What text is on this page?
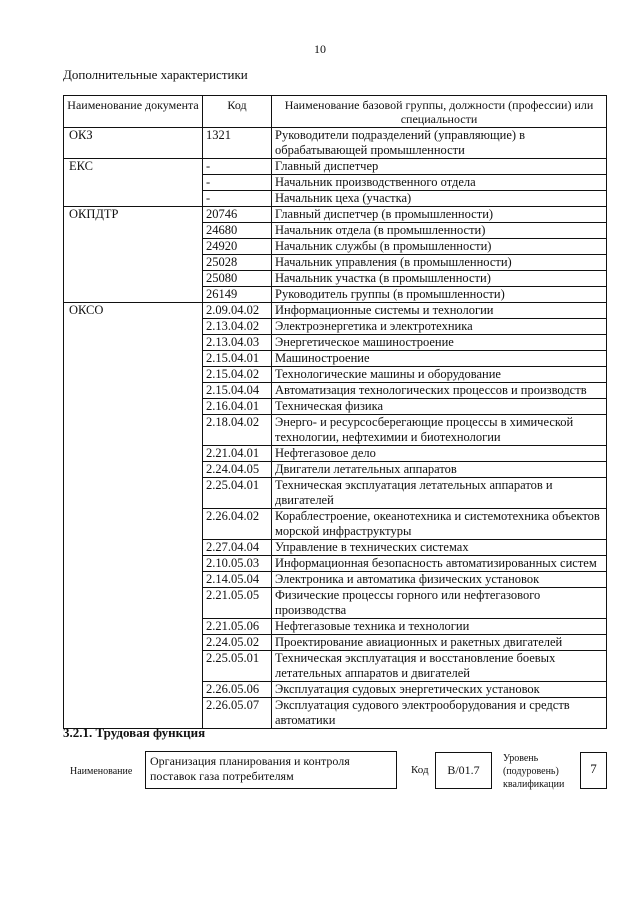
10
Дополнительные характеристики
Наименование документа	Код	Наименование базовой группы, должности (профессии) или специальности
ОКЗ	1321	Руководители подразделений (управляющие) в обрабатывающей промышленности
ЕКС	-	Главный диспетчер
	-	Начальник производственного отдела
	-	Начальник цеха (участка)
ОКПДТР	20746	Главный диспетчер (в промышленности)
	24680	Начальник отдела (в промышленности)
	24920	Начальник службы (в промышленности)
	25028	Начальник управления (в промышленности)
	25080	Начальник участка (в промышленности)
	26149	Руководитель группы (в промышленности)
ОКСО	2.09.04.02	Информационные системы и технологии
	2.13.04.02	Электроэнергетика и электротехника
	2.13.04.03	Энергетическое машиностроение
	2.15.04.01	Машиностроение
	2.15.04.02	Технологические машины и оборудование
	2.15.04.04	Автоматизация технологических процессов и производств
	2.16.04.01	Техническая физика
	2.18.04.02	Энерго- и ресурсосберегающие процессы в химической технологии, нефтехимии и биотехнологии
	2.21.04.01	Нефтегазовое дело
	2.24.04.05	Двигатели летательных аппаратов
	2.25.04.01	Техническая эксплуатация летательных аппаратов и двигателей
	2.26.04.02	Кораблестроение, океанотехника и системотехника объектов морской инфраструктуры
	2.27.04.04	Управление в технических системах
	2.10.05.03	Информационная безопасность автоматизированных систем
	2.14.05.04	Электроника и автоматика физических установок
	2.21.05.05	Физические процессы горного или нефтегазового производства
	2.21.05.06	Нефтегазовые техника и технологии
	2.24.05.02	Проектирование авиационных и ракетных двигателей
	2.25.05.01	Техническая эксплуатация и восстановление боевых летательных аппаратов и двигателей
	2.26.05.06	Эксплуатация судовых энергетических установок
	2.26.05.07	Эксплуатация судового электрооборудования и средств автоматики
3.2.1. Трудовая функция
Наименование
Организация планирования и контроля поставок газа потребителям	Код	В/01.7
Уровень (подуровень) квалификации
7
